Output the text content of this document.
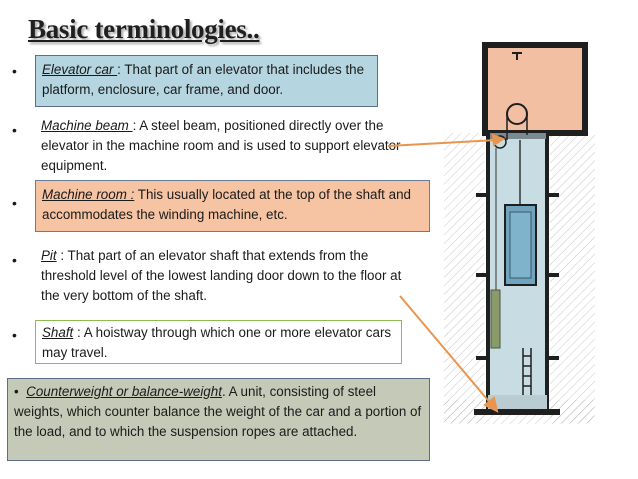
Basic terminologies..
•	Elevator car : That part of an elevator that includes the platform, enclosure, car frame, and door.
• Machine beam : A steel beam, positioned directly over the elevator in the machine room and is used to support elevator equipment.
•
Machine room : This usually located at the top of the shaft and accommodates the winding machine, etc.
• Pit : That part of an elevator shaft that extends from the threshold level of the lowest landing door down to the floor at the very bottom of the shaft.
•	Shaft : A hoistway through which one or more elevator cars may travel.
• Counterweight or balance-weight. A unit, consisting of steel weights, which counter balance the weight of the car and a portion of the load, and to which the suspension ropes are attached.
